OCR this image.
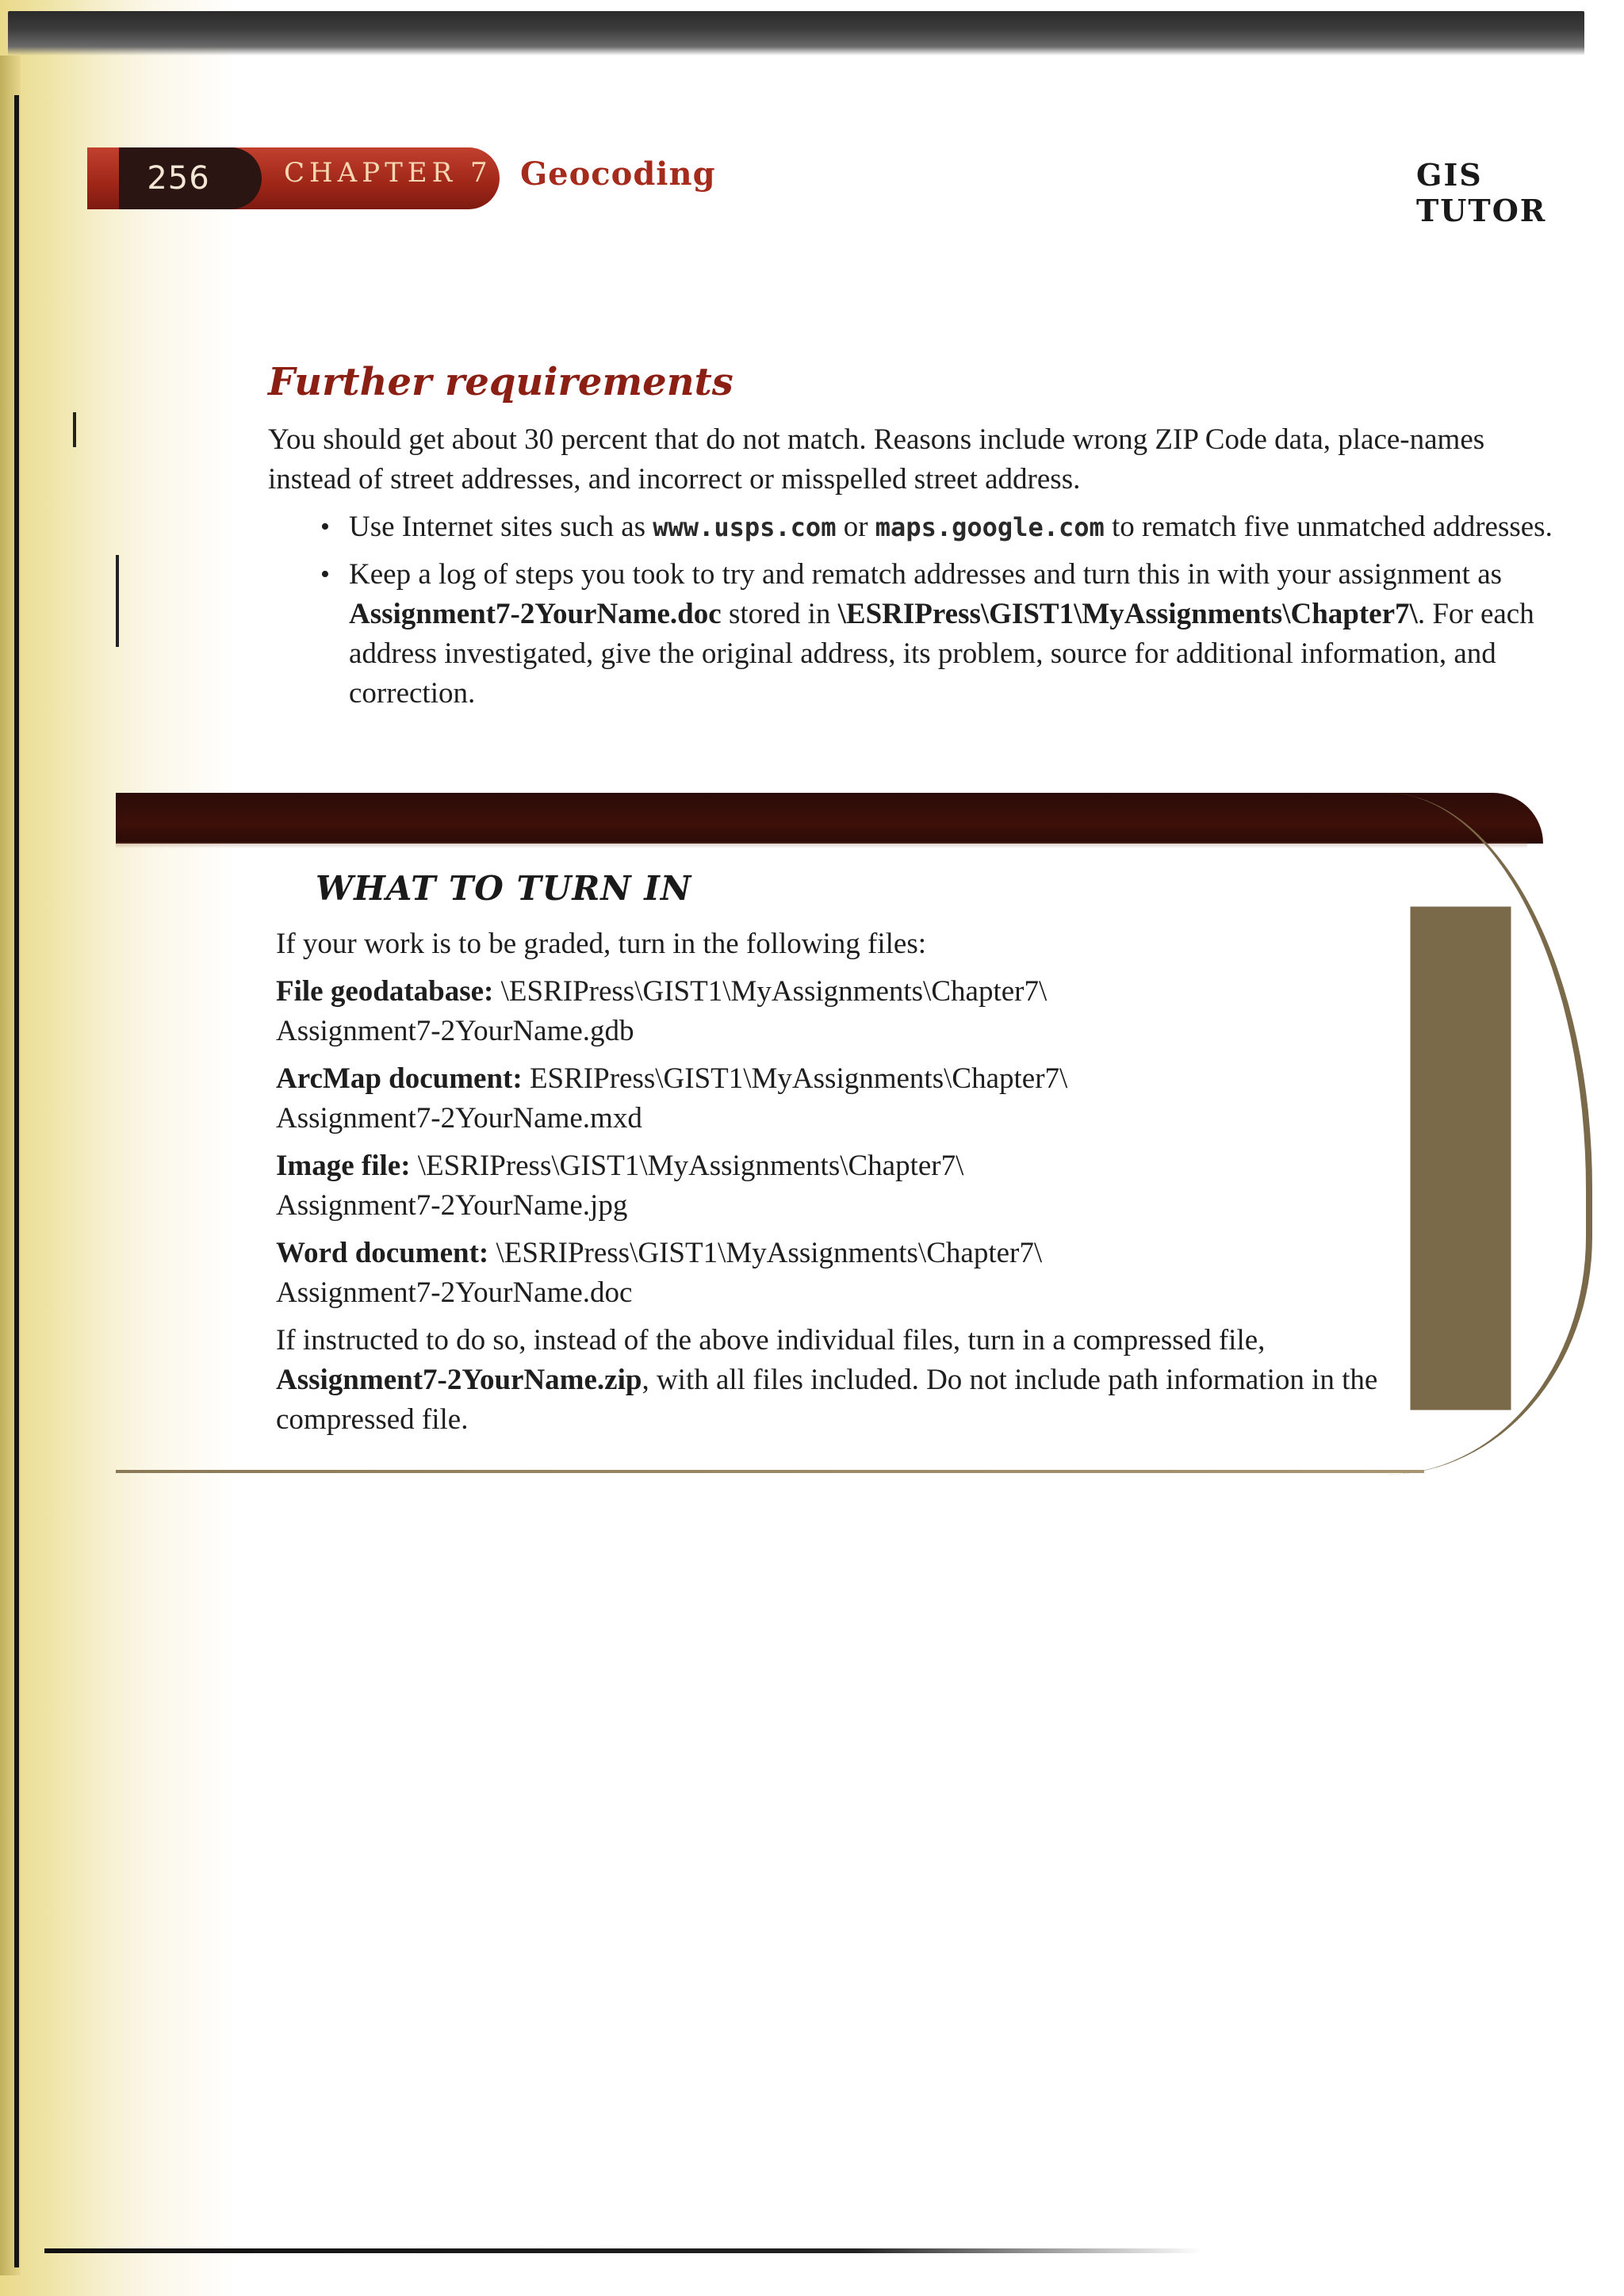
256	CHAPTER 7 Geocoding	GIS TUTOR
Further requirements
You should get about 30 percent that do not match. Reasons include wrong ZIP Code data, place-names instead of street addresses, and incorrect or misspelled street address.
• Use Internet sites such as www.usps.com or maps.google.com to rematch five unmatched addresses.
• Keep a log of steps you took to try and rematch addresses and turn this in with your assignment as Assignment7-2YourName.doc stored in \ESRIPress\GIST1\MyAssignments\Chapter7\. For each address investigated, give the original address, its problem, source for additional information, and correction.
WHAT TO TURN IN

If your work is to be graded, turn in the following files:

File geodatabase: \ESRIPress\GIST1\MyAssignments\Chapter7\
Assignment7-2YourName.gdb

ArcMap document: ESRIPress\GIST1\MyAssignments\Chapter7\
Assignment7-2YourName.mxd

Image file: \ESRIPress\GIST1\MyAssignments\Chapter7\
Assignment7-2YourName.jpg

Word document: \ESRIPress\GIST1\MyAssignments\Chapter7\
Assignment7-2YourName.doc

If instructed to do so, instead of the above individual files, turn in a compressed file, Assignment7-2YourName.zip, with all files included. Do not include path information in the compressed file.
